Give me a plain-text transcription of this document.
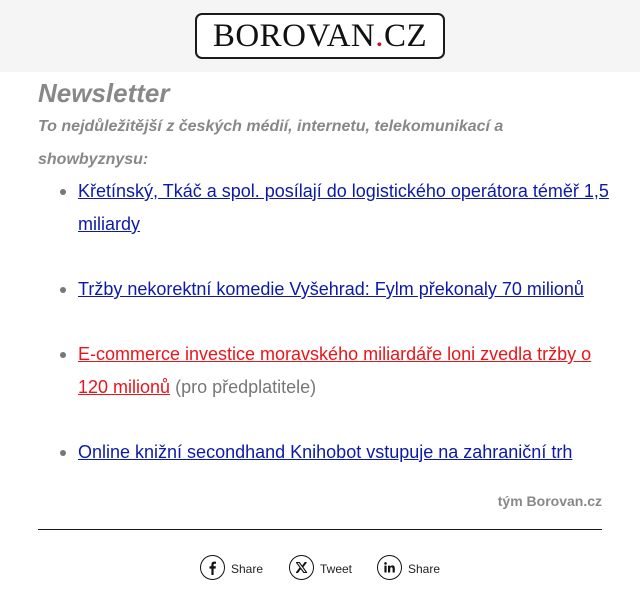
BOROVAN.CZ
Newsletter
To nejdůležitější z českých médií, internetu, telekomunikací a showbyznysu:
Křetínský, Tkáč a spol. posílají do logistického operátora téměř 1,5 miliardy
Tržby nekorektní komedie Vyšehrad: Fylm překonaly 70 milionů
E-commerce investice moravského miliardáře loni zvedla tržby o 120 milionů (pro předplatitele)
Online knižní secondhand Knihobot vstupuje na zahraniční trh
tým Borovan.cz
Share	Tweet	Share
